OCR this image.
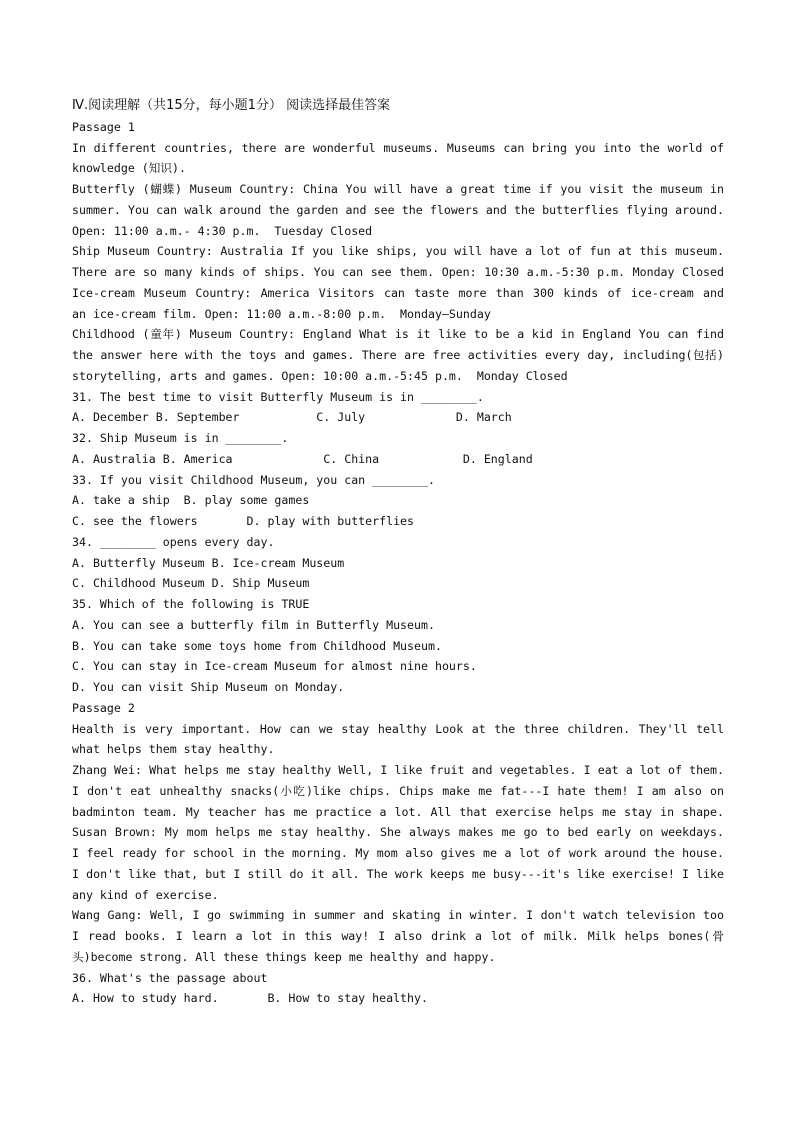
Ⅳ.阅读理解（共15分，每小题1分） 阅读选择最佳答案
Passage 1
In different countries, there are wonderful museums. Museums can bring you into the world of
knowledge (知识).
Butterfly (蝴蝶) Museum Country: China You will have a great time if you visit the museum in
summer. You can walk around the garden and see the flowers and the butterflies flying around.
Open: 11:00 a.m.- 4:30 p.m.  Tuesday Closed
Ship Museum Country: Australia If you like ships, you will have a lot of fun at this museum.
There are so many kinds of ships. You can see them. Open: 10:30 a.m.-5:30 p.m. Monday Closed
Ice-cream Museum Country: America Visitors can taste more than 300 kinds of ice-cream and
an ice-cream film. Open: 11:00 a.m.-8:00 p.m.  Monday—Sunday
Childhood (童年) Museum Country: England What is it like to be a kid in England You can find
the answer here with the toys and games. There are free activities every day, including(包括)
storytelling, arts and games. Open: 10:00 a.m.-5:45 p.m.  Monday Closed
31. The best time to visit Butterfly Museum is in ________.
A. December B. September           C. July             D. March
32. Ship Museum is in ________.
A. Australia B. America             C. China            D. England
33. If you visit Childhood Museum, you can ________.
A. take a ship  B. play some games
C. see the flowers       D. play with butterflies
34. ________ opens every day.
A. Butterfly Museum B. Ice-cream Museum
C. Childhood Museum D. Ship Museum
35. Which of the following is TRUE
A. You can see a butterfly film in Butterfly Museum.
B. You can take some toys home from Childhood Museum.
C. You can stay in Ice-cream Museum for almost nine hours.
D. You can visit Ship Museum on Monday.
Passage 2
Health is very important. How can we stay healthy Look at the three children. They'll tell
what helps them stay healthy.
Zhang Wei: What helps me stay healthy Well, I like fruit and vegetables. I eat a lot of them.
I don't eat unhealthy snacks(小吃)like chips. Chips make me fat---I hate them! I am also on
badminton team. My teacher has me practice a lot. All that exercise helps me stay in shape.
Susan Brown: My mom helps me stay healthy. She always makes me go to bed early on weekdays.
I feel ready for school in the morning. My mom also gives me a lot of work around the house.
I don't like that, but I still do it all. The work keeps me busy---it's like exercise! I like
any kind of exercise.
Wang Gang: Well, I go swimming in summer and skating in winter. I don't watch television too
I read books. I learn a lot in this way! I also drink a lot of milk. Milk helps bones(骨
头)become strong. All these things keep me healthy and happy.
36. What's the passage about
A. How to study hard.       B. How to stay healthy.
